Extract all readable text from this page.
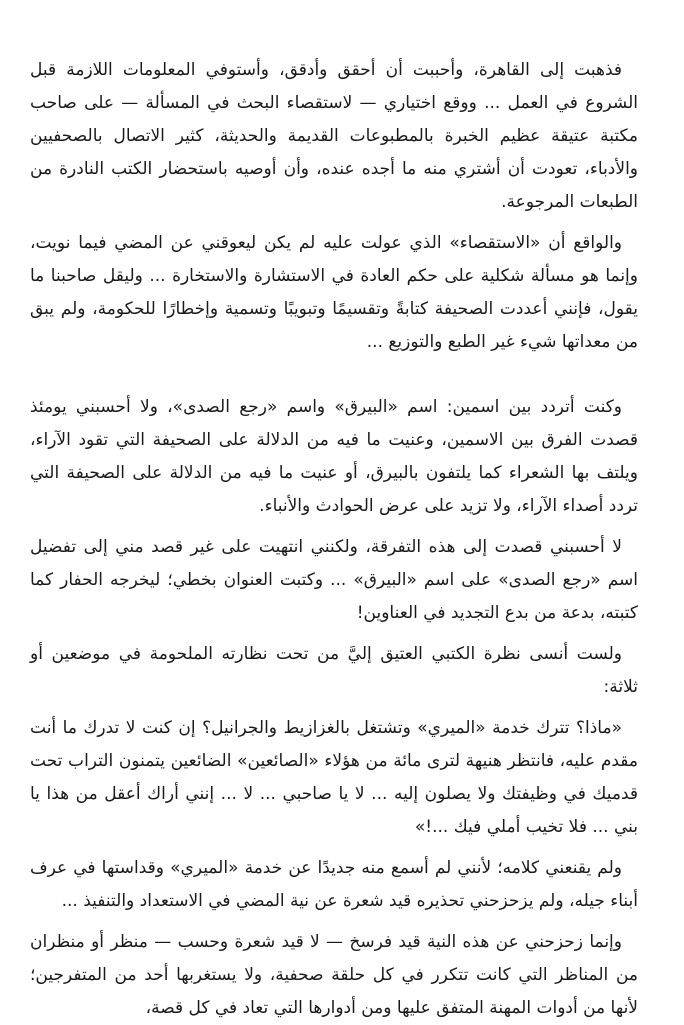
فذهبت إلى القاهرة، وأحببت أن أحقق وأدقق، وأستوفي المعلومات اللازمة قبل الشروع في العمل ... ووقع اختياري — لاستقصاء البحث في المسألة — على صاحب مكتبة عتيقة عظيم الخبرة بالمطبوعات القديمة والحديثة، كثير الاتصال بالصحفيين والأدباء، تعودت أن أشتري منه ما أجده عنده، وأن أوصيه باستحضار الكتب النادرة من الطبعات المرجوعة.

والواقع أن «الاستقصاء» الذي عولت عليه لم يكن ليعوقني عن المضي فيما نويت، وإنما هو مسألة شكلية على حكم العادة في الاستشارة والاستخارة ... وليقل صاحبنا ما يقول، فإنني أعددت الصحيفة كتابةً وتقسيمًا وتبويبًا وتسمية وإخطارًا للحكومة، ولم يبق من معداتها شيء غير الطبع والتوزيع ...

وكنت أتردد بين اسمين: اسم «البيرق» واسم «رجع الصدى»، ولا أحسبني يومئذ قصدت الفرق بين الاسمين، وعنيت ما فيه من الدلالة على الصحيفة التي تقود الآراء، ويلتف بها الشعراء كما يلتفون بالبيرق، أو عنيت ما فيه من الدلالة على الصحيفة التي تردد أصداء الآراء، ولا تزيد على عرض الحوادث والأنباء.

لا أحسبني قصدت إلى هذه التفرقة، ولكنني انتهيت على غير قصد مني إلى تفضيل اسم «رجع الصدى» على اسم «البيرق» ... وكتبت العنوان بخطي؛ ليخرجه الحفار كما كتبته، بدعة من بدع التجديد في العناوين!

ولست أنسى نظرة الكتبي العتيق إليَّ من تحت نظارته الملحومة في موضعين أو ثلاثة:

«ماذا؟ تترك خدمة «الميري» وتشتغل بالغزازيط والجرانيل؟ إن كنت لا تدرك ما أنت مقدم عليه، فانتظر هنيهة لترى مائة من هؤلاء «الصائعين» الضائعين يتمنون التراب تحت قدميك في وظيفتك ولا يصلون إليه ... لا يا صاحبي ... لا ... إنني أراك أعقل من هذا يا بني ... فلا تخيب أملي فيك ...!»

ولم يقنعني كلامه؛ لأنني لم أسمع منه جديدًا عن خدمة «الميري» وقداستها في عرف أبناء جيله، ولم يزحزحني تحذيره قيد شعرة عن نية المضي في الاستعداد والتنفيذ ...

وإنما زحزحني عن هذه النية قيد فرسخ — لا قيد شعرة وحسب — منظر أو منظران من المناظر التي كانت تتكرر في كل حلقة صحفية، ولا يستغربها أحد من المتفرجين؛ لأنها من أدوات المهنة المتفق عليها ومن أدوارها التي تعاد في كل قصة،
